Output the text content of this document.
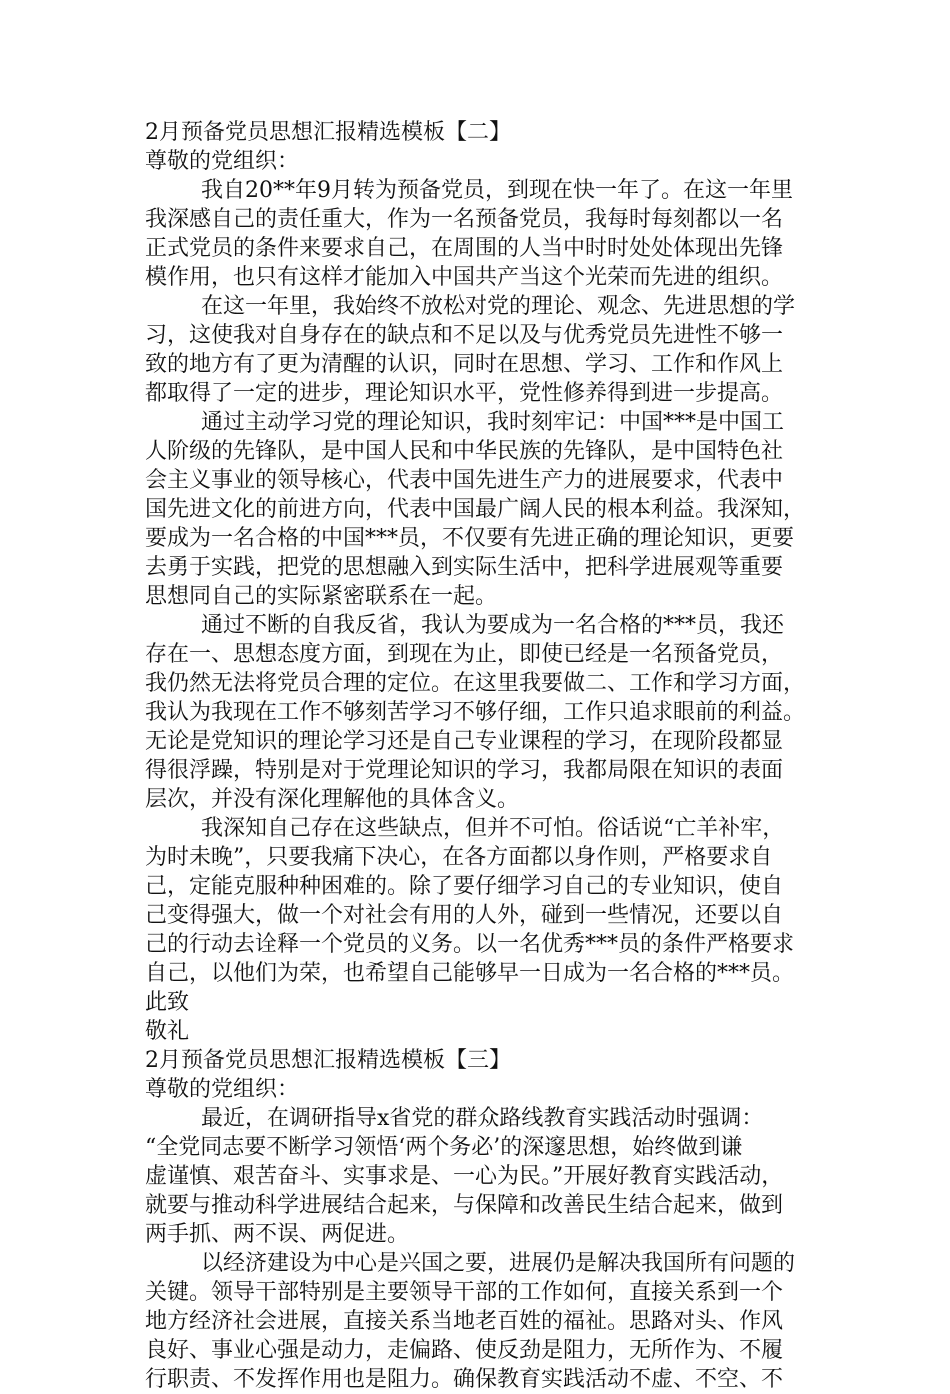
2月预备党员思想汇报精选模板【二】

尊敬的党组织：

我自20**年9月转为预备党员，到现在快一年了。在这一年里
我深感自己的责任重大，作为一名预备党员，我每时每刻都以一名
正式党员的条件来要求自己，在周围的人当中时时处处体现出先锋
模作用，也只有这样才能加入中国共产当这个光荣而先进的组织。

在这一年里，我始终不放松对党的理论、观念、先进思想的学
习，这使我对自身存在的缺点和不足以及与优秀党员先进性不够一
致的地方有了更为清醒的认识，同时在思想、学习、工作和作风上
都取得了一定的进步，理论知识水平，党性修养得到进一步提高。

通过主动学习党的理论知识，我时刻牢记：中国***是中国工
人阶级的先锋队，是中国人民和中华民族的先锋队，是中国特色社
会主义事业的领导核心，代表中国先进生产力的进展要求，代表中
国先进文化的前进方向，代表中国最广阔人民的根本利益。我深知，
要成为一名合格的中国***员，不仅要有先进正确的理论知识，更要
去勇于实践，把党的思想融入到实际生活中，把科学进展观等重要
思想同自己的实际紧密联系在一起。

通过不断的自我反省，我认为要成为一名合格的***员，我还
存在一、思想态度方面，到现在为止，即使已经是一名预备党员，
我仍然无法将党员合理的定位。在这里我要做二、工作和学习方面，
我认为我现在工作不够刻苦学习不够仔细，工作只追求眼前的利益。
无论是党知识的理论学习还是自己专业课程的学习，在现阶段都显
得很浮躁，特别是对于党理论知识的学习，我都局限在知识的表面
层次，并没有深化理解他的具体含义。

我深知自己存在这些缺点，但并不可怕。俗话说“亡羊补牢，
为时未晚”，只要我痛下决心，在各方面都以身作则，严格要求自
己，定能克服种种困难的。除了要仔细学习自己的专业知识，使自
己变得强大，做一个对社会有用的人外，碰到一些情况，还要以自
己的行动去诠释一个党员的义务。以一名优秀***员的条件严格要求
自己，以他们为荣，也希望自己能够早一日成为一名合格的***员。

此致

敬礼

2月预备党员思想汇报精选模板【三】

尊敬的党组织：

最近，在调研指导x省党的群众路线教育实践活动时强调：
“全党同志要不断学习领悟‘两个务必’的深邃思想，始终做到谦
虚谨慎、艰苦奋斗、实事求是、一心为民。”开展好教育实践活动，
就要与推动科学进展结合起来，与保障和改善民生结合起来，做到
两手抓、两不误、两促进。

以经济建设为中心是兴国之要，进展仍是解决我国所有问题的
关键。领导干部特别是主要领导干部的工作如何，直接关系到一个
地方经济社会进展，直接关系当地老百姓的福祉。思路对头、作风
良好、事业心强是动力，走偏路、使反劲是阻力，无所作为、不履
行职责、不发挥作用也是阻力。确保教育实践活动不虚、不空、不
